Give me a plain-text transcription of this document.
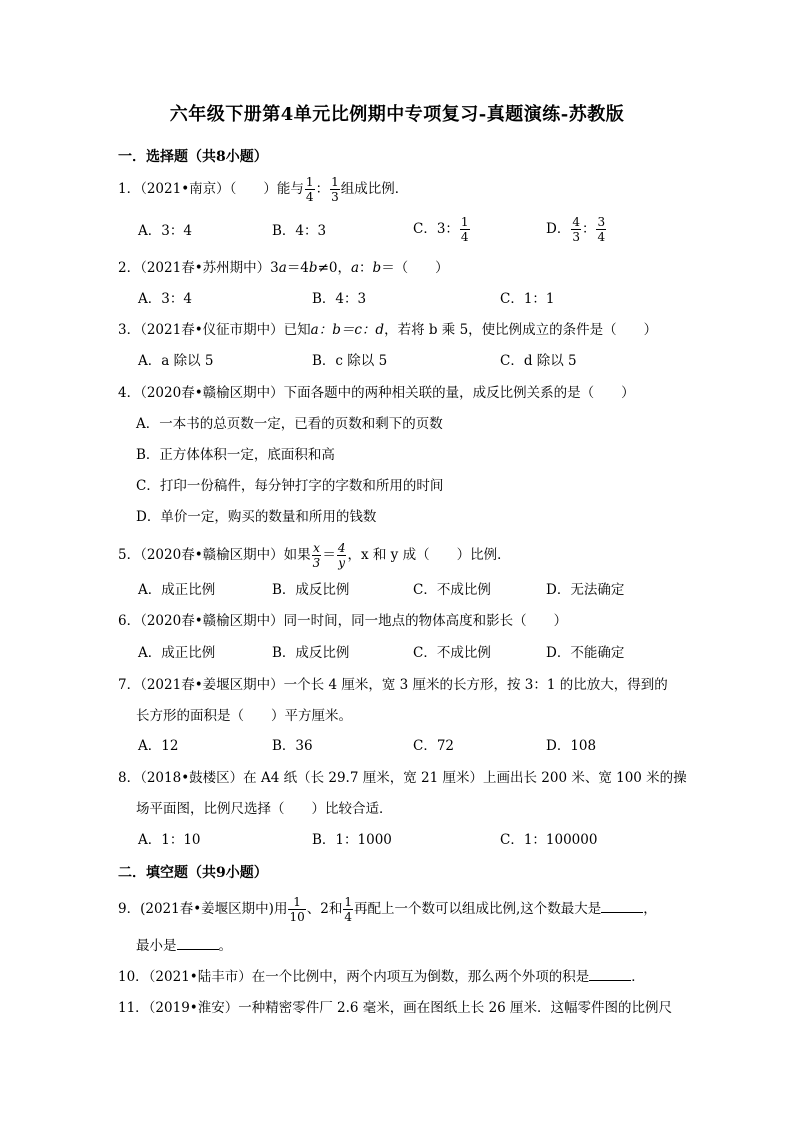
六年级下册第4单元比例期中专项复习-真题演练-苏教版
一．选择题（共8小题）
1．（2021•南京）（　　）能与 $\frac{1}{4}$ ： $\frac{1}{3}$ 组成比例．
A．3：4	B．4：3	C．3： $\frac{1}{4}$	D． $\frac{4}{3}$ ： $\frac{3}{4}$
2．（2021春•苏州期中）3a＝4b≠0，a：b＝（　　）
A．3：4	B．4：3	C．1：1
3．（2021春•仪征市期中）已知a：b＝c：d，若将 b 乘 5，使比例成立的条件是（　　）
A．a 除以 5	B．c 除以 5	C．d 除以 5
4．（2020春•赣榆区期中）下面各题中的两种相关联的量，成反比例关系的是（　　）
A．一本书的总页数一定，已看的页数和剩下的页数
B．正方体体积一定，底面积和高
C．打印一份稿件，每分钟打字的字数和所用的时间
D．单价一定，购买的数量和所用的钱数
5．（2020春•赣榆区期中）如果 $\frac{x}{3} = \frac{4}{y}$ ，x 和 y 成（　　）比例．
A．成正比例	B．成反比例	C．不成比例	D．无法确定
6．（2020春•赣榆区期中）同一时间，同一地点的物体高度和影长（　　）
A．成正比例	B．成反比例	C．不成比例	D．不能确定
7．（2021春•姜堰区期中）一个长 4 厘米，宽 3 厘米的长方形，按 3：1 的比放大，得到的
长方形的面积是（　　）平方厘米。
A．12	B．36	C．72	D．108
8．（2018•鼓楼区）在 A4 纸（长 29.7 厘米，宽 21 厘米）上画出长 200 米、宽 100 米的操
场平面图，比例尺选择（　　）比较合适．
A．1：10	B．1：1000	C．1：100000
二．填空题（共9小题）
9．(2021春•姜堰区期中)用 $\frac{1}{10}$ 、2和 $\frac{1}{4}$ 再配上一个数可以组成比例,这个数最大是	，
最小是	。
10．（2021•陆丰市）在一个比例中，两个内项互为倒数，那么两个外项的积是	．
11．（2019•淮安）一种精密零件厂 2.6 毫米，画在图纸上长 26 厘米．这幅零件图的比例尺
